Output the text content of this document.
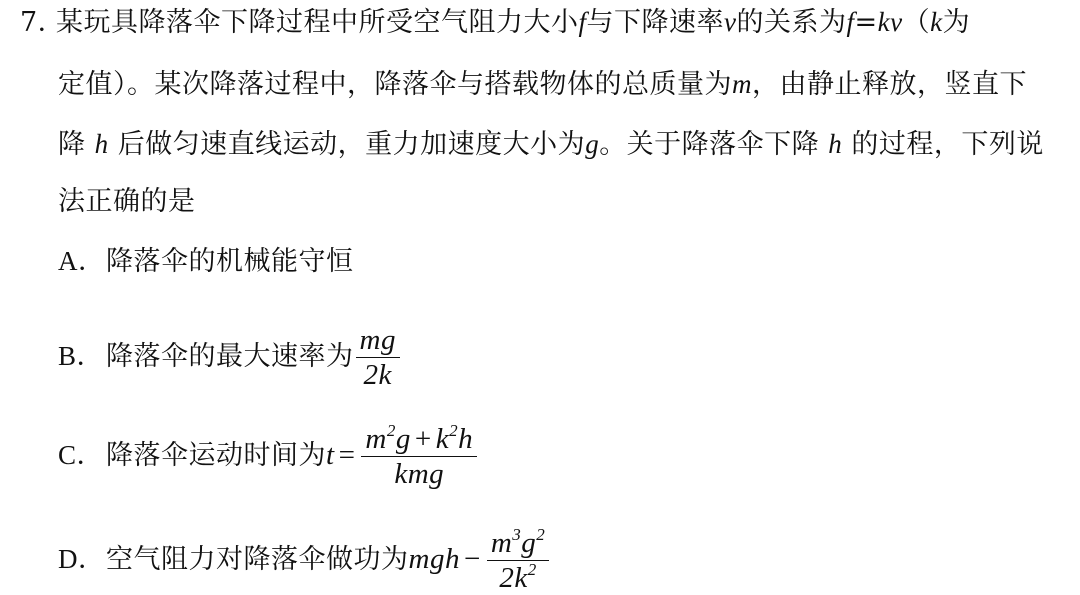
7．某玩具降落伞下降过程中所受空气阻力大小f与下降速率v的关系为f=kv（k为
定值）。某次降落过程中，降落伞与搭载物体的总质量为m，由静止释放，竖直下
降 h 后做匀速直线运动，重力加速度大小为g。关于降落伞下降 h 的过程，下列说
法正确的是
A．降落伞的机械能守恒
B．降落伞的最大速率为 $\frac{mg}{2k}$
C．降落伞运动时间为$t = \frac{m^2g + k^2h}{\text{kmg}}$
D．空气阻力对降落伞做功为mgh − $\frac{m^3g^2}{2k^2}$
